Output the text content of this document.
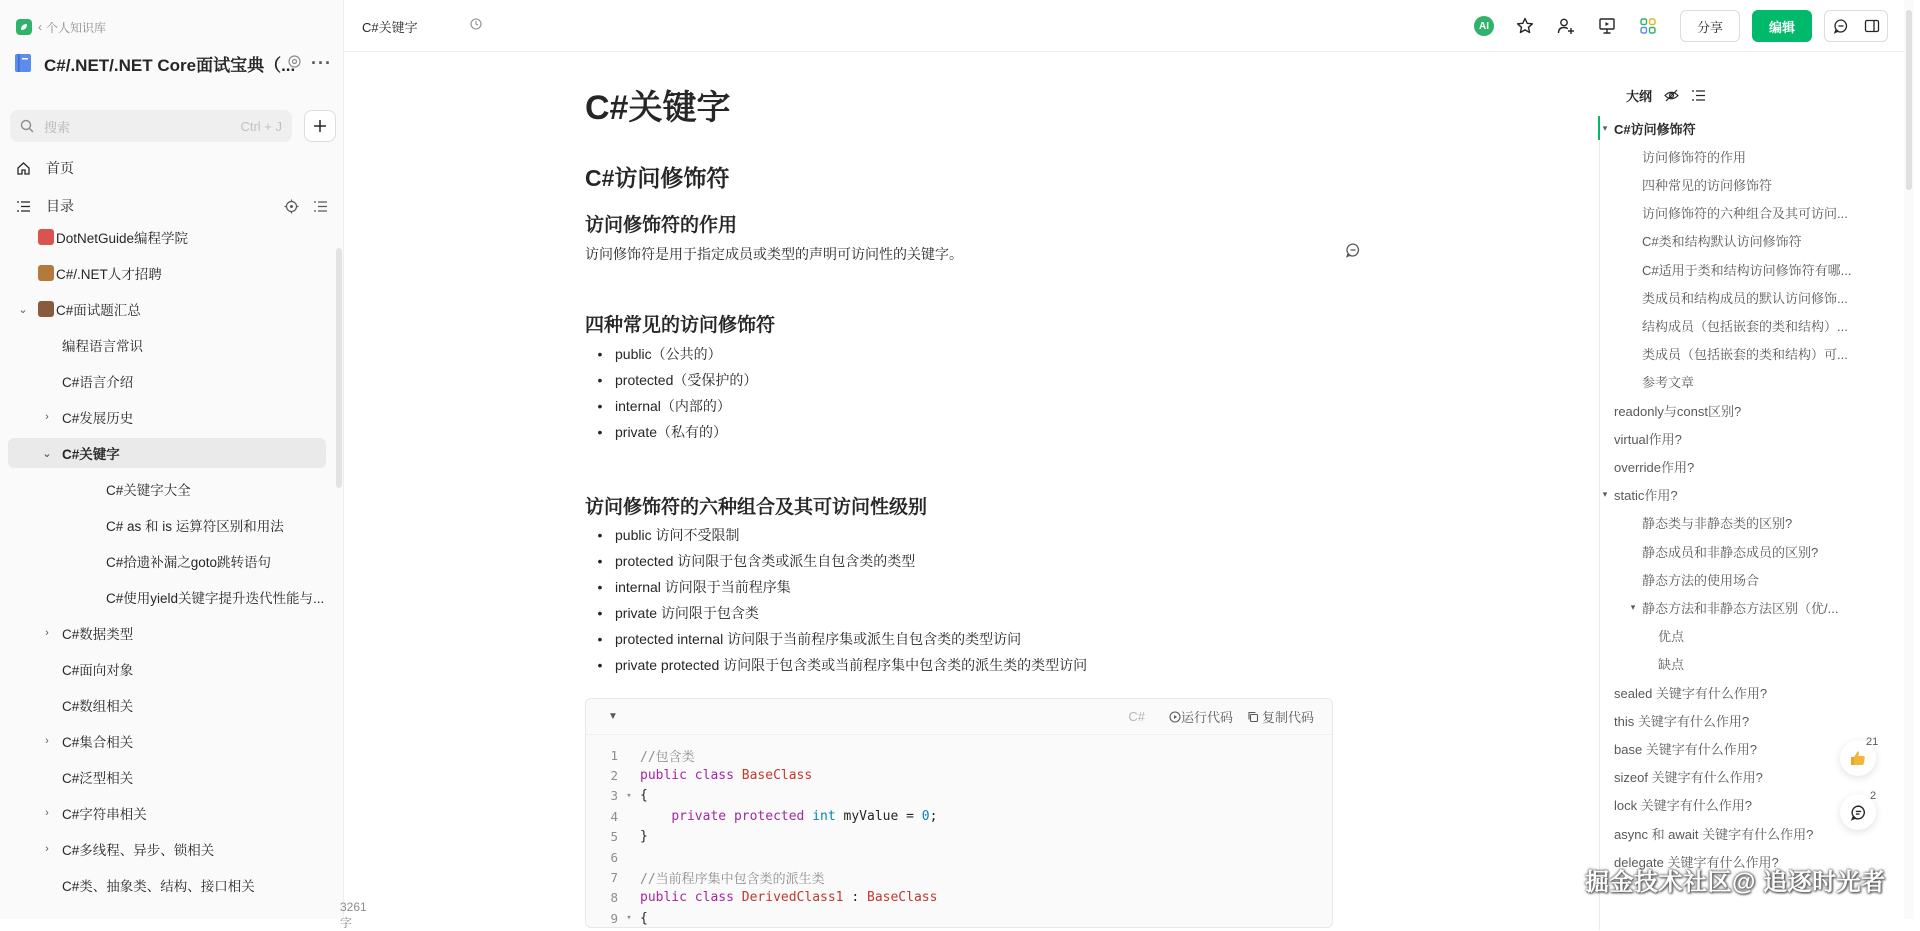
‹ 个人知识库
C#/.NET/.NET Core面试宝典（... ···
搜索	Ctrl + J
首页
目录
DotNetGuide编程学院
C#/.NET人才招聘
⌄ C#面试题汇总
编程语言常识
C#语言介绍
› C#发展历史
⌄ C#关键字
C#关键字大全
C# as 和 is 运算符区别和用法
C#拾遗补漏之goto跳转语句
C#使用yield关键字提升迭代性能与...
› C#数据类型
C#面向对象
C#数组相关
› C#集合相关
C#泛型相关
› C#字符串相关
› C#多线程、异步、锁相关
C#类、抽象类、结构、接口相关
3261字
C#关键字	AI	分享	编辑
C#关键字
C#访问修饰符
访问修饰符的作用

访问修饰符是用于指定成员或类型的声明可访问性的关键字。

四种常见的访问修饰符
• public（公共的）
• protected（受保护的）
• internal（内部的）
• private（私有的）
访问修饰符的六种组合及其可访问性级别
• public 访问不受限制
• protected 访问限于包含类或派生自包含类的类型
• internal 访问限于当前程序集
• private 访问限于包含类
• protected internal 访问限于当前程序集或派生自包含类的类型访问
• private protected 访问限于包含类或当前程序集中包含类的派生类的类型访问
▼	C#	运行代码 复制代码
1 //包含类
2 public class BaseClass
3 ▾ {
4	private protected int myValue = 0;
5 }
6
7 //当前程序集中包含类的派生类
8 public class DerivedClass1 : BaseClass
9 ▾ {
大纲
▾ C#访问修饰符
访问修饰符的作用
四种常见的访问修饰符
访问修饰符的六种组合及其可访问...
C#类和结构默认访问修饰符
C#适用于类和结构访问修饰符有哪...
类成员和结构成员的默认访问修饰...
结构成员（包括嵌套的类和结构）...
类成员（包括嵌套的类和结构）可...
参考文章
readonly与const区别?
virtual作用?
override作用?
▾ static作用?
静态类与非静态类的区别?
静态成员和非静态成员的区别?
静态方法的使用场合
▾ 静态方法和非静态方法区别（优/...
优点
缺点
sealed 关键字有什么作用?
this 关键字有什么作用?
base 关键字有什么作用?
sizeof 关键字有什么作用?
lock 关键字有什么作用?
async 和 await 关键字有什么作用?
delegate 关键字有什么作用?
21
2
掘金技术社区@ 追逐时光者
